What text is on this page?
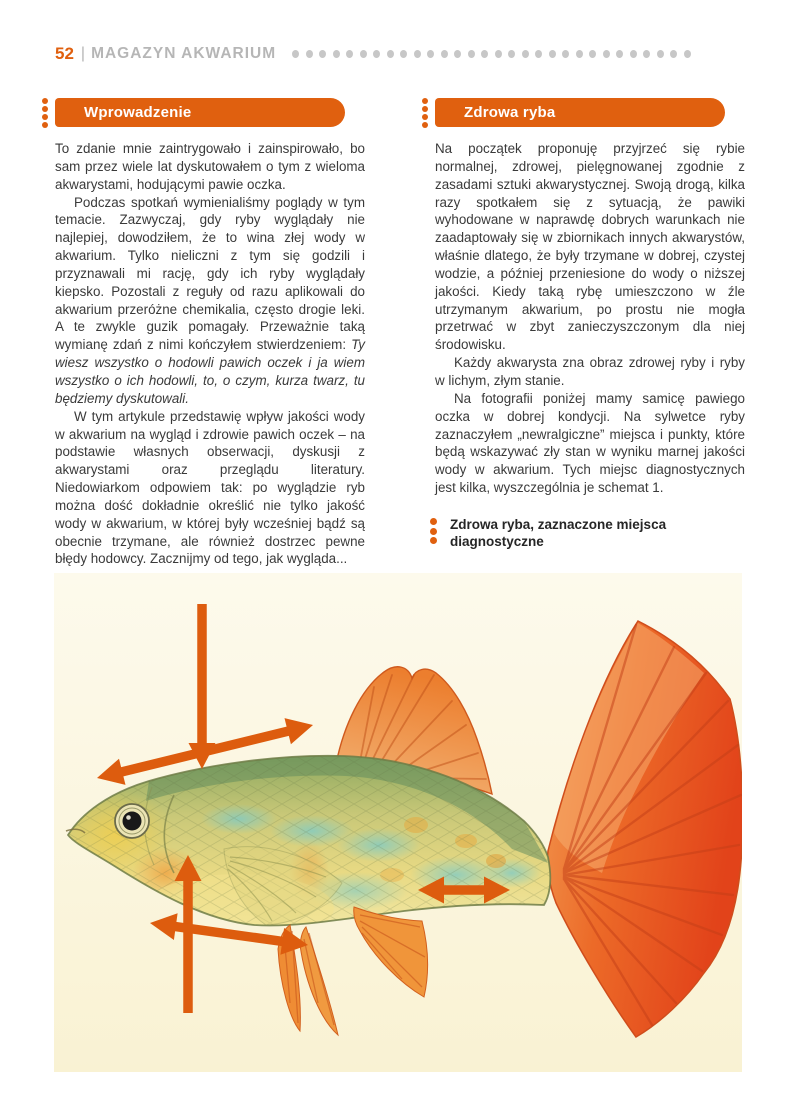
52 | MAGAZYN AKWARIUM
Wprowadzenie

To zdanie mnie zaintrygowało i zainspirowało, bo sam przez wiele lat dyskutowałem o tym z wieloma akwarystami, hodującymi pawie oczka.

Podczas spotkań wymienialiśmy poglądy w tym temacie. Zazwyczaj, gdy ryby wyglądały nie najlepiej, dowodziłem, że to wina złej wody w akwarium. Tylko nieliczni z tym się godzili i przyznawali mi rację, gdy ich ryby wyglądały kiepsko. Pozostali z reguły od razu aplikowali do akwarium przeróżne chemikalia, często drogie leki. A te zwykle guzik pomagały. Przeważnie taką wymianę zdań z nimi kończyłem stwierdzeniem: Ty wiesz wszystko o hodowli pawich oczek i ja wiem wszystko o ich hodowli, to, o czym, kurza twarz, tu będziemy dyskutowali.

W tym artykule przedstawię wpływ jakości wody w akwarium na wygląd i zdrowie pawich oczek – na podstawie własnych obserwacji, dyskusji z akwarystami oraz przeglądu literatury. Niedowiarkom odpowiem tak: po wyglądzie ryb można dość dokładnie określić nie tylko jakość wody w akwarium, w której były wcześniej bądź są obecnie trzymane, ale również dostrzec pewne błędy hodowcy. Zacznijmy od tego, jak wygląda...

Zdrowa ryba

Na początek proponuję przyjrzeć się rybie normalnej, zdrowej, pielęgnowanej zgodnie z zasadami sztuki akwarystycznej. Swoją drogą, kilka razy spotkałem się z sytuacją, że pawiki wyhodowane w naprawdę dobrych warunkach nie zaadaptowały się w zbiornikach innych akwarystów, właśnie dlatego, że były trzymane w dobrej, czystej wodzie, a później przeniesione do wody o niższej jakości. Kiedy taką rybę umieszczono w źle utrzymanym akwarium, po prostu nie mogła przetrwać w zbyt zanieczyszczonym dla niej środowisku.

Każdy akwarysta zna obraz zdrowej ryby i ryby w lichym, złym stanie.

Na fotografii poniżej mamy samicę pawiego oczka w dobrej kondycji. Na sylwetce ryby zaznaczyłem „newralgiczne” miejsca i punkty, które będą wskazywać zły stan w wyniku marnej jakości wody w akwarium. Tych miejsc diagnostycznych jest kilka, wyszczególnia je schemat 1.

Zdrowa ryba, zaznaczone miejsca diagnostyczne
